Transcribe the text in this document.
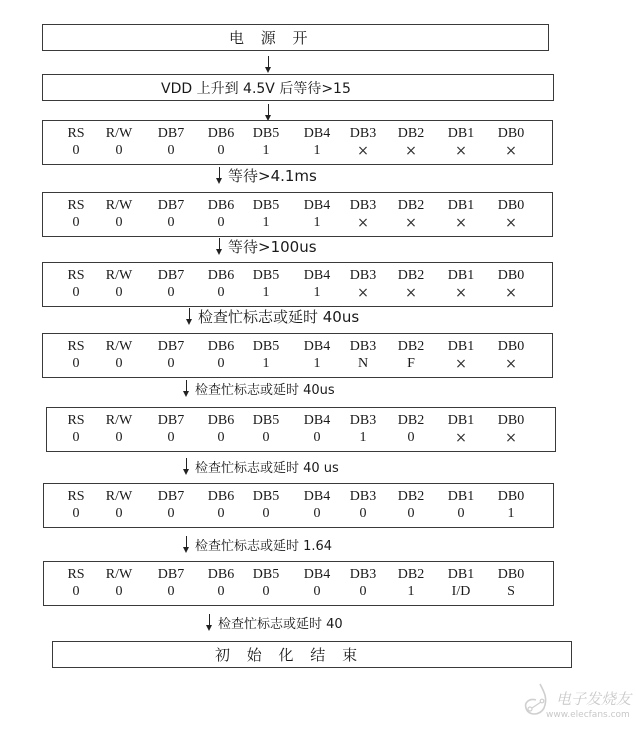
电 源 开
VDD 上升到 4.5V 后等待>15
RS	R/W	DB7	DB6	DB5	DB4	DB3	DB2	DB1	DB0
0	0	0	0	1	1	×	×	×	×
等待>4.1ms
RS	R/W	DB7	DB6	DB5	DB4	DB3	DB2	DB1	DB0
0	0	0	0	1	1	×	×	×	×
等待>100us
RS	R/W	DB7	DB6	DB5	DB4	DB3	DB2	DB1	DB0
0	0	0	0	1	1	×	×	×	×
检查忙标志或延时 40us
RS	R/W	DB7	DB6	DB5	DB4	DB3	DB2	DB1	DB0
0	0	0	0	1	1	N	F	×	×
检查忙标志或延时 40us
RS	R/W	DB7	DB6	DB5	DB4	DB3	DB2	DB1	DB0
0	0	0	0	0	0	1	0	×	×
检查忙标志或延时 40 us
RS	R/W	DB7	DB6	DB5	DB4	DB3	DB2	DB1	DB0
0	0	0	0	0	0	0	0	0	1
检查忙标志或延时 1.64
RS	R/W	DB7	DB6	DB5	DB4	DB3	DB2	DB1	DB0
0	0	0	0	0	0	0	1	I/D	S
检查忙标志或延时 40
初 始 化 结 束
电子发烧友
www.elecfans.com
